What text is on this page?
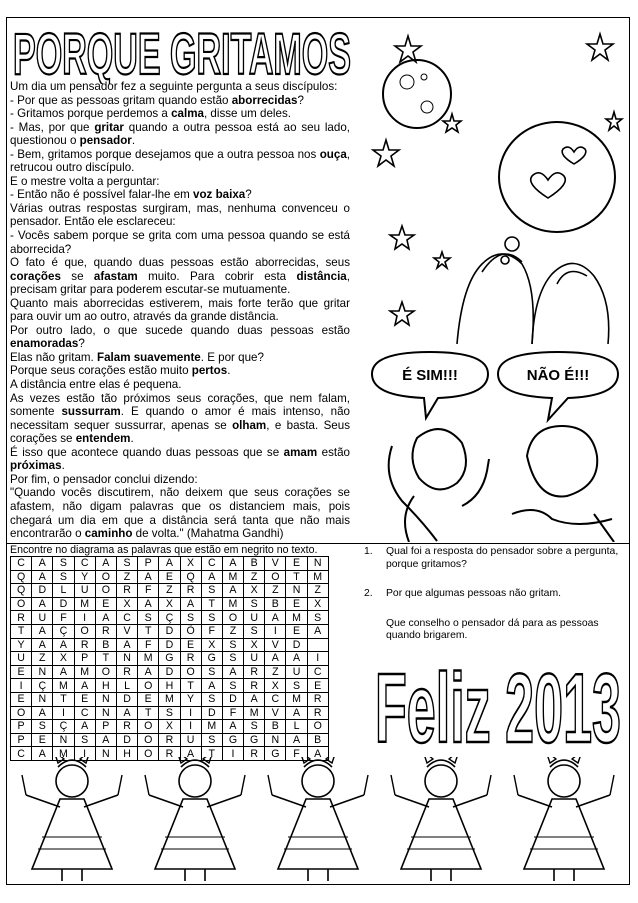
PORQUE GRITAMOS

Um dia um pensador fez a seguinte pergunta a seus discípulos:

- Por que as pessoas gritam quando estão aborrecidas?

- Gritamos porque perdemos a calma, disse um deles.

- Mas, por que gritar quando a outra pessoa está ao seu lado, questionou o pensador.

- Bem, gritamos porque desejamos que a outra pessoa nos ouça, retrucou outro discípulo.

E o mestre volta a perguntar:

- Então não é possível falar-lhe em voz baixa?

Várias outras respostas surgiram, mas, nenhuma convenceu o pensador. Então ele esclareceu:

- Vocês sabem porque se grita com uma pessoa quando se está aborrecida?

O fato é que, quando duas pessoas estão aborrecidas, seus corações se afastam muito. Para cobrir esta distância, precisam gritar para poderem escutar-se mutuamente.

Quanto mais aborrecidas estiverem, mais forte terão que gritar para ouvir um ao outro, através da grande distância.

Por outro lado, o que sucede quando duas pessoas estão enamoradas?

Elas não gritam. Falam suavemente. E por que?

Porque seus corações estão muito pertos.

A distância entre elas é pequena.

As vezes estão tão próximos seus corações, que nem falam, somente sussurram. E quando o amor é mais intenso, não necessitam sequer sussurrar, apenas se olham, e basta. Seus corações se entendem.

É isso que acontece quando duas pessoas que se amam estão próximas.

Por fim, o pensador conclui dizendo:

"Quando vocês discutirem, não deixem que seus corações se afastem, não digam palavras que os distanciem mais, pois chegará um dia em que a distância será tanta que não mais encontrarão o caminho de volta." (Mahatma Gandhi)

É SIM!!!	NÃO É!!!
Encontre no diagrama as palavras que estão em negrito no texto.
C	A	S	C	A	S	P	A	X	C	A	B	V	E	N
Q	A	S	Y	O	Z	A	E	Q	A	M	Z	O	T	M
Q	D	L	U	O	R	F	Z	R	S	A	X	Z	N	Z
O	A	D	M	E	X	A	X	A	T	M	S	B	E	X
R	U	F	I	A	C	S	Ç	S	S	O	U	A	M	S
T	A	Ç	O	R	V	T	D	Õ	F	Z	S	I	E	A
Y	A	A	R	B	A	F	D	E	X	S	X	V	D	
U	Z	X	P	T	N	M	G	R	G	S	U	A	A	I
E	N	A	M	O	R	A	D	O	S	A	R	Z	U	C
I	Ç	M	A	H	L	O	H	T	A	S	R	X	S	E
E	N	T	E	N	D	E	M	Y	S	D	A	C	M	R
O	A	I	C	N	A	T	S	I	D	F	M	V	A	R
P	S	Ç	A	P	R	O	X	I	M	A	S	B	L	O
P	E	N	S	A	D	O	R	U	S	G	G	N	A	B
C	A	M	I	N	H	O	R	A	T	I	R	G	F	A
1.	Qual foi a resposta do pensador sobre a pergunta, porque gritamos?
2.	Por que algumas pessoas não gritam.
Que conselho o pensador dá para as pessoas quando brigarem.
Feliz 2013
